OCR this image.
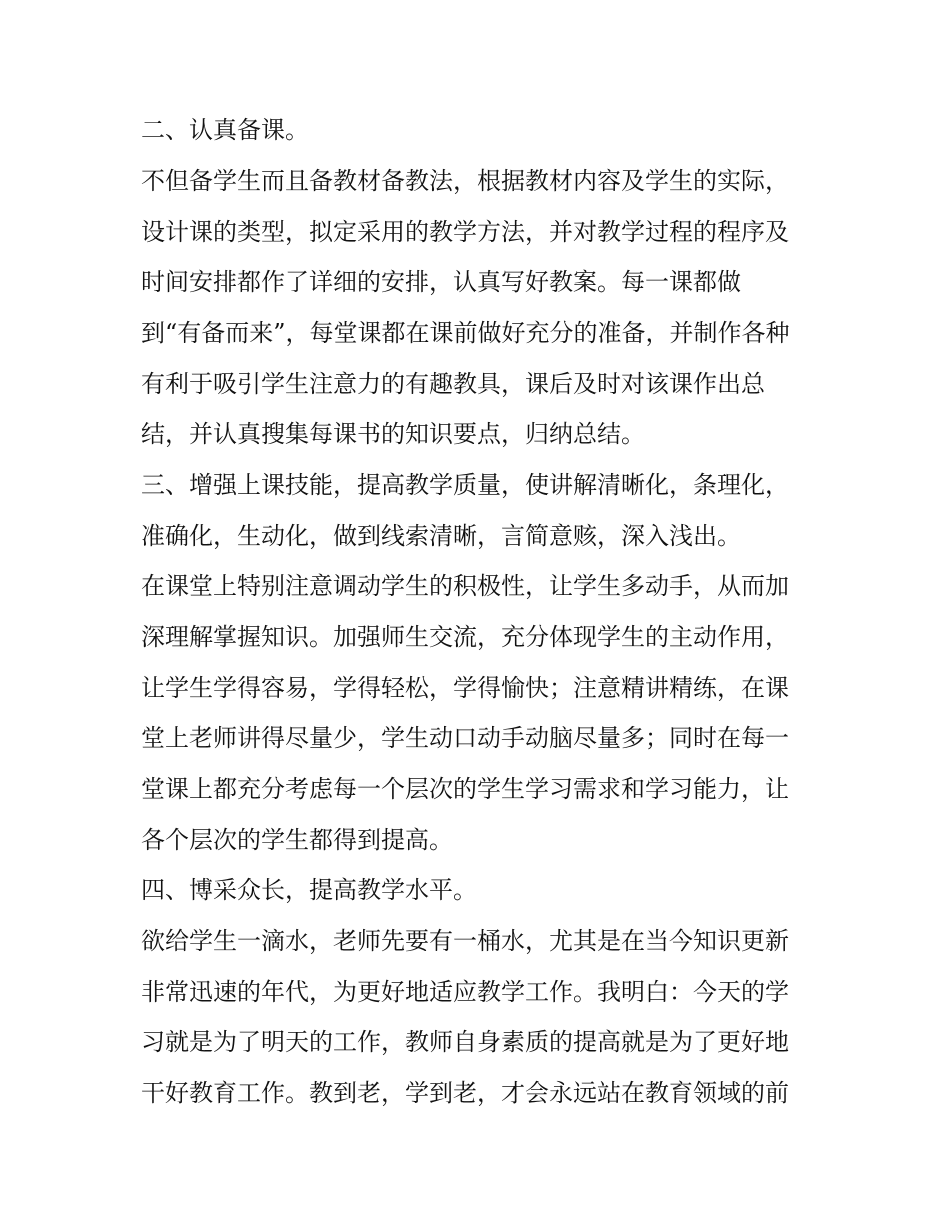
二、认真备课。
不但备学生而且备教材备教法，根据教材内容及学生的实际，
设计课的类型，拟定采用的教学方法，并对教学过程的程序及
时间安排都作了详细的安排，认真写好教案。每一课都做
到“有备而来”，每堂课都在课前做好充分的准备，并制作各种
有利于吸引学生注意力的有趣教具，课后及时对该课作出总
结，并认真搜集每课书的知识要点，归纳总结。
三、增强上课技能，提高教学质量，使讲解清晰化，条理化，
准确化，生动化，做到线索清晰，言简意赅，深入浅出。
在课堂上特别注意调动学生的积极性，让学生多动手，从而加
深理解掌握知识。加强师生交流，充分体现学生的主动作用，
让学生学得容易，学得轻松，学得愉快；注意精讲精练，在课
堂上老师讲得尽量少，学生动口动手动脑尽量多；同时在每一
堂课上都充分考虑每一个层次的学生学习需求和学习能力，让
各个层次的学生都得到提高。
四、博采众长，提高教学水平。
欲给学生一滴水，老师先要有一桶水，尤其是在当今知识更新
非常迅速的年代，为更好地适应教学工作。我明白：今天的学
习就是为了明天的工作，教师自身素质的提高就是为了更好地
干好教育工作。教到老，学到老，才会永远站在教育领域的前
